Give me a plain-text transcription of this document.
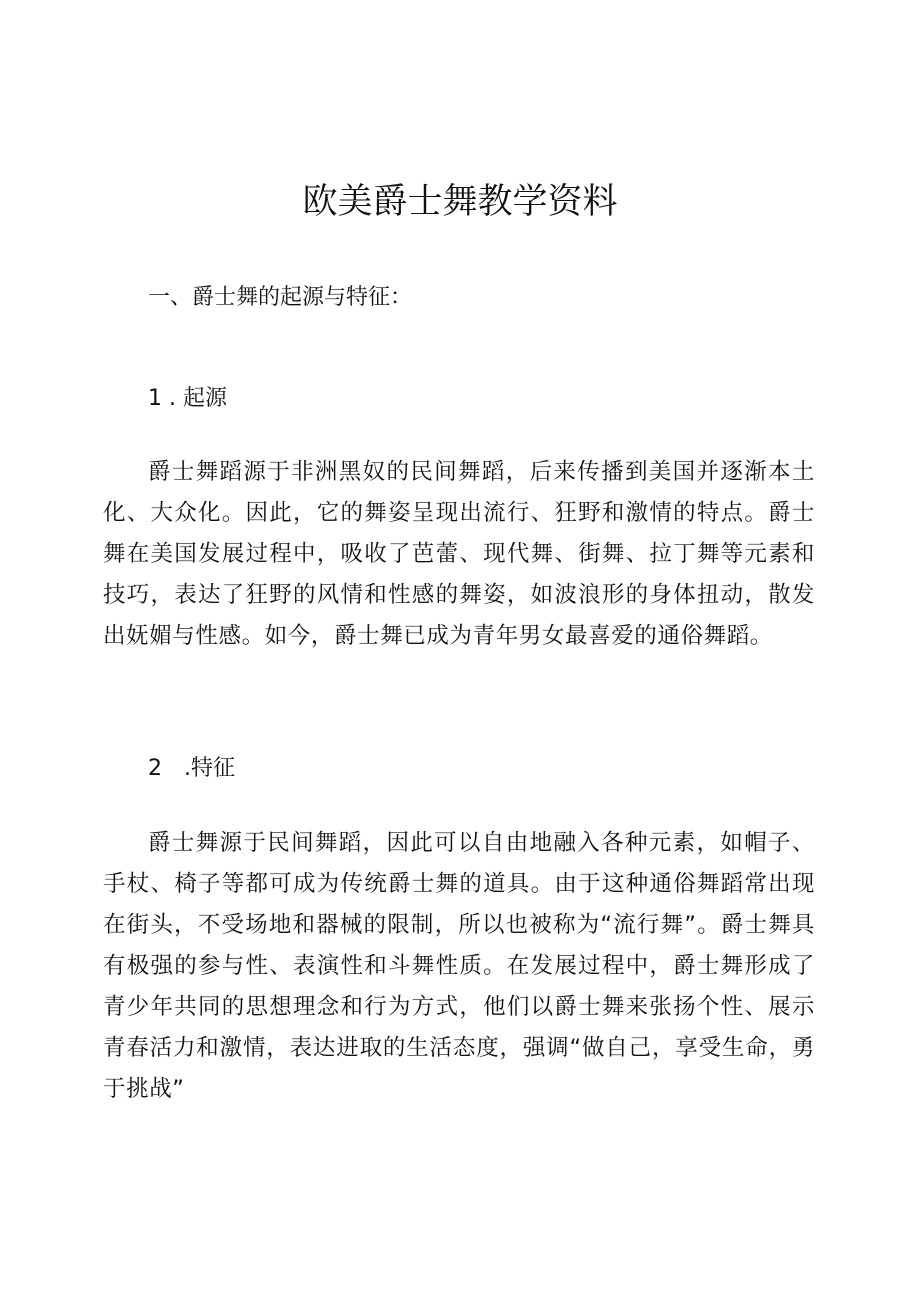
欧美爵士舞教学资料
一、爵士舞的起源与特征：
1 . 起源

爵士舞蹈源于非洲黑奴的民间舞蹈，后来传播到美国并逐渐本土化、大众化。因此，它的舞姿呈现出流行、狂野和激情的特点。爵士舞在美国发展过程中，吸收了芭蕾、现代舞、街舞、拉丁舞等元素和技巧，表达了狂野的风情和性感的舞姿，如波浪形的身体扭动，散发出妩媚与性感。如今，爵士舞已成为青年男女最喜爱的通俗舞蹈。

2　.特征

爵士舞源于民间舞蹈，因此可以自由地融入各种元素，如帽子、手杖、椅子等都可成为传统爵士舞的道具。由于这种通俗舞蹈常出现在街头，不受场地和器械的限制，所以也被称为“流行舞”。爵士舞具有极强的参与性、表演性和斗舞性质。在发展过程中，爵士舞形成了青少年共同的思想理念和行为方式，他们以爵士舞来张扬个性、展示青春活力和激情，表达进取的生活态度，强调“做自己，享受生命，勇于挑战”
